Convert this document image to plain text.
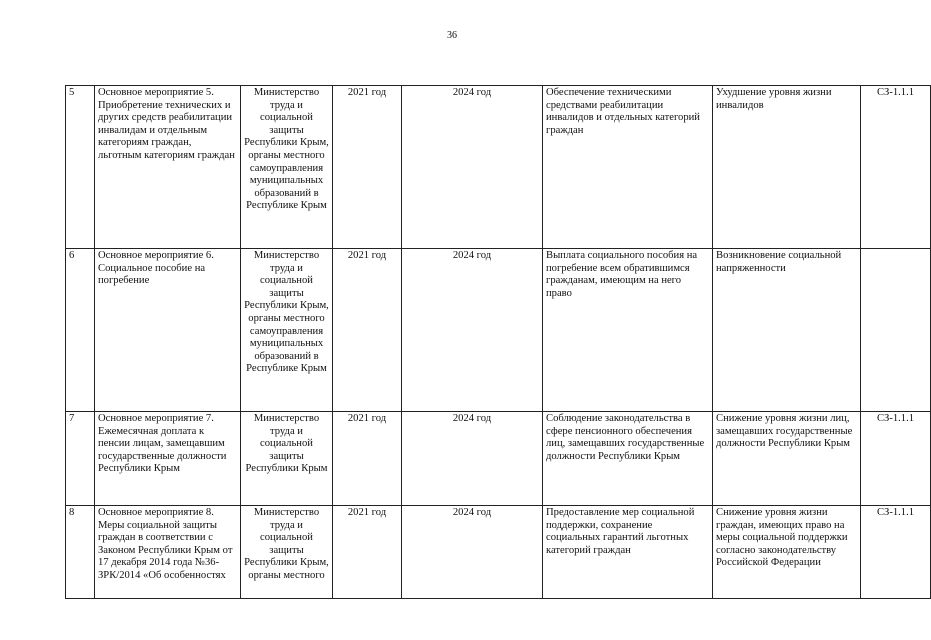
36
5	Основное мероприятие 5. Приобретение технических и других средств реабилитации инвалидам и отдельным категориям граждан, льготным категориям граждан	Министерство труда и социальной защиты Республики Крым, органы местного самоуправления муниципальных образований в Республике Крым	2021 год	2024 год	Обеспечение техническими средствами реабилитации инвалидов и отдельных категорий граждан	Ухудшение уровня жизни инвалидов	СЗ-1.1.1
6	Основное мероприятие 6. Социальное пособие на погребение	Министерство труда и социальной защиты Республики Крым, органы местного самоуправления муниципальных образований в Республике Крым	2021 год	2024 год	Выплата социального пособия на погребение всем обратившимся гражданам, имеющим на него право	Возникновение социальной напряженности	
7	Основное мероприятие 7. Ежемесячная доплата к пенсии лицам, замещавшим государственные должности Республики Крым	Министерство труда и социальной защиты Республики Крым	2021 год	2024 год	Соблюдение законодательства в сфере пенсионного обеспечения лиц, замещавших государственные должности Республики Крым	Снижение уровня жизни лиц, замещавших государственные должности Республики Крым	СЗ-1.1.1
8	Основное мероприятие 8. Меры социальной защиты граждан в соответствии с Законом Республики Крым от 17 декабря 2014 года №36-ЗРК/2014 «Об особенностях	Министерство труда и социальной защиты Республики Крым, органы местного	2021 год	2024 год	Предоставление мер социальной поддержки, сохранение социальных гарантий льготных категорий граждан	Снижение уровня жизни граждан, имеющих право на меры социальной поддержки согласно законодательству Российской Федерации	СЗ-1.1.1
